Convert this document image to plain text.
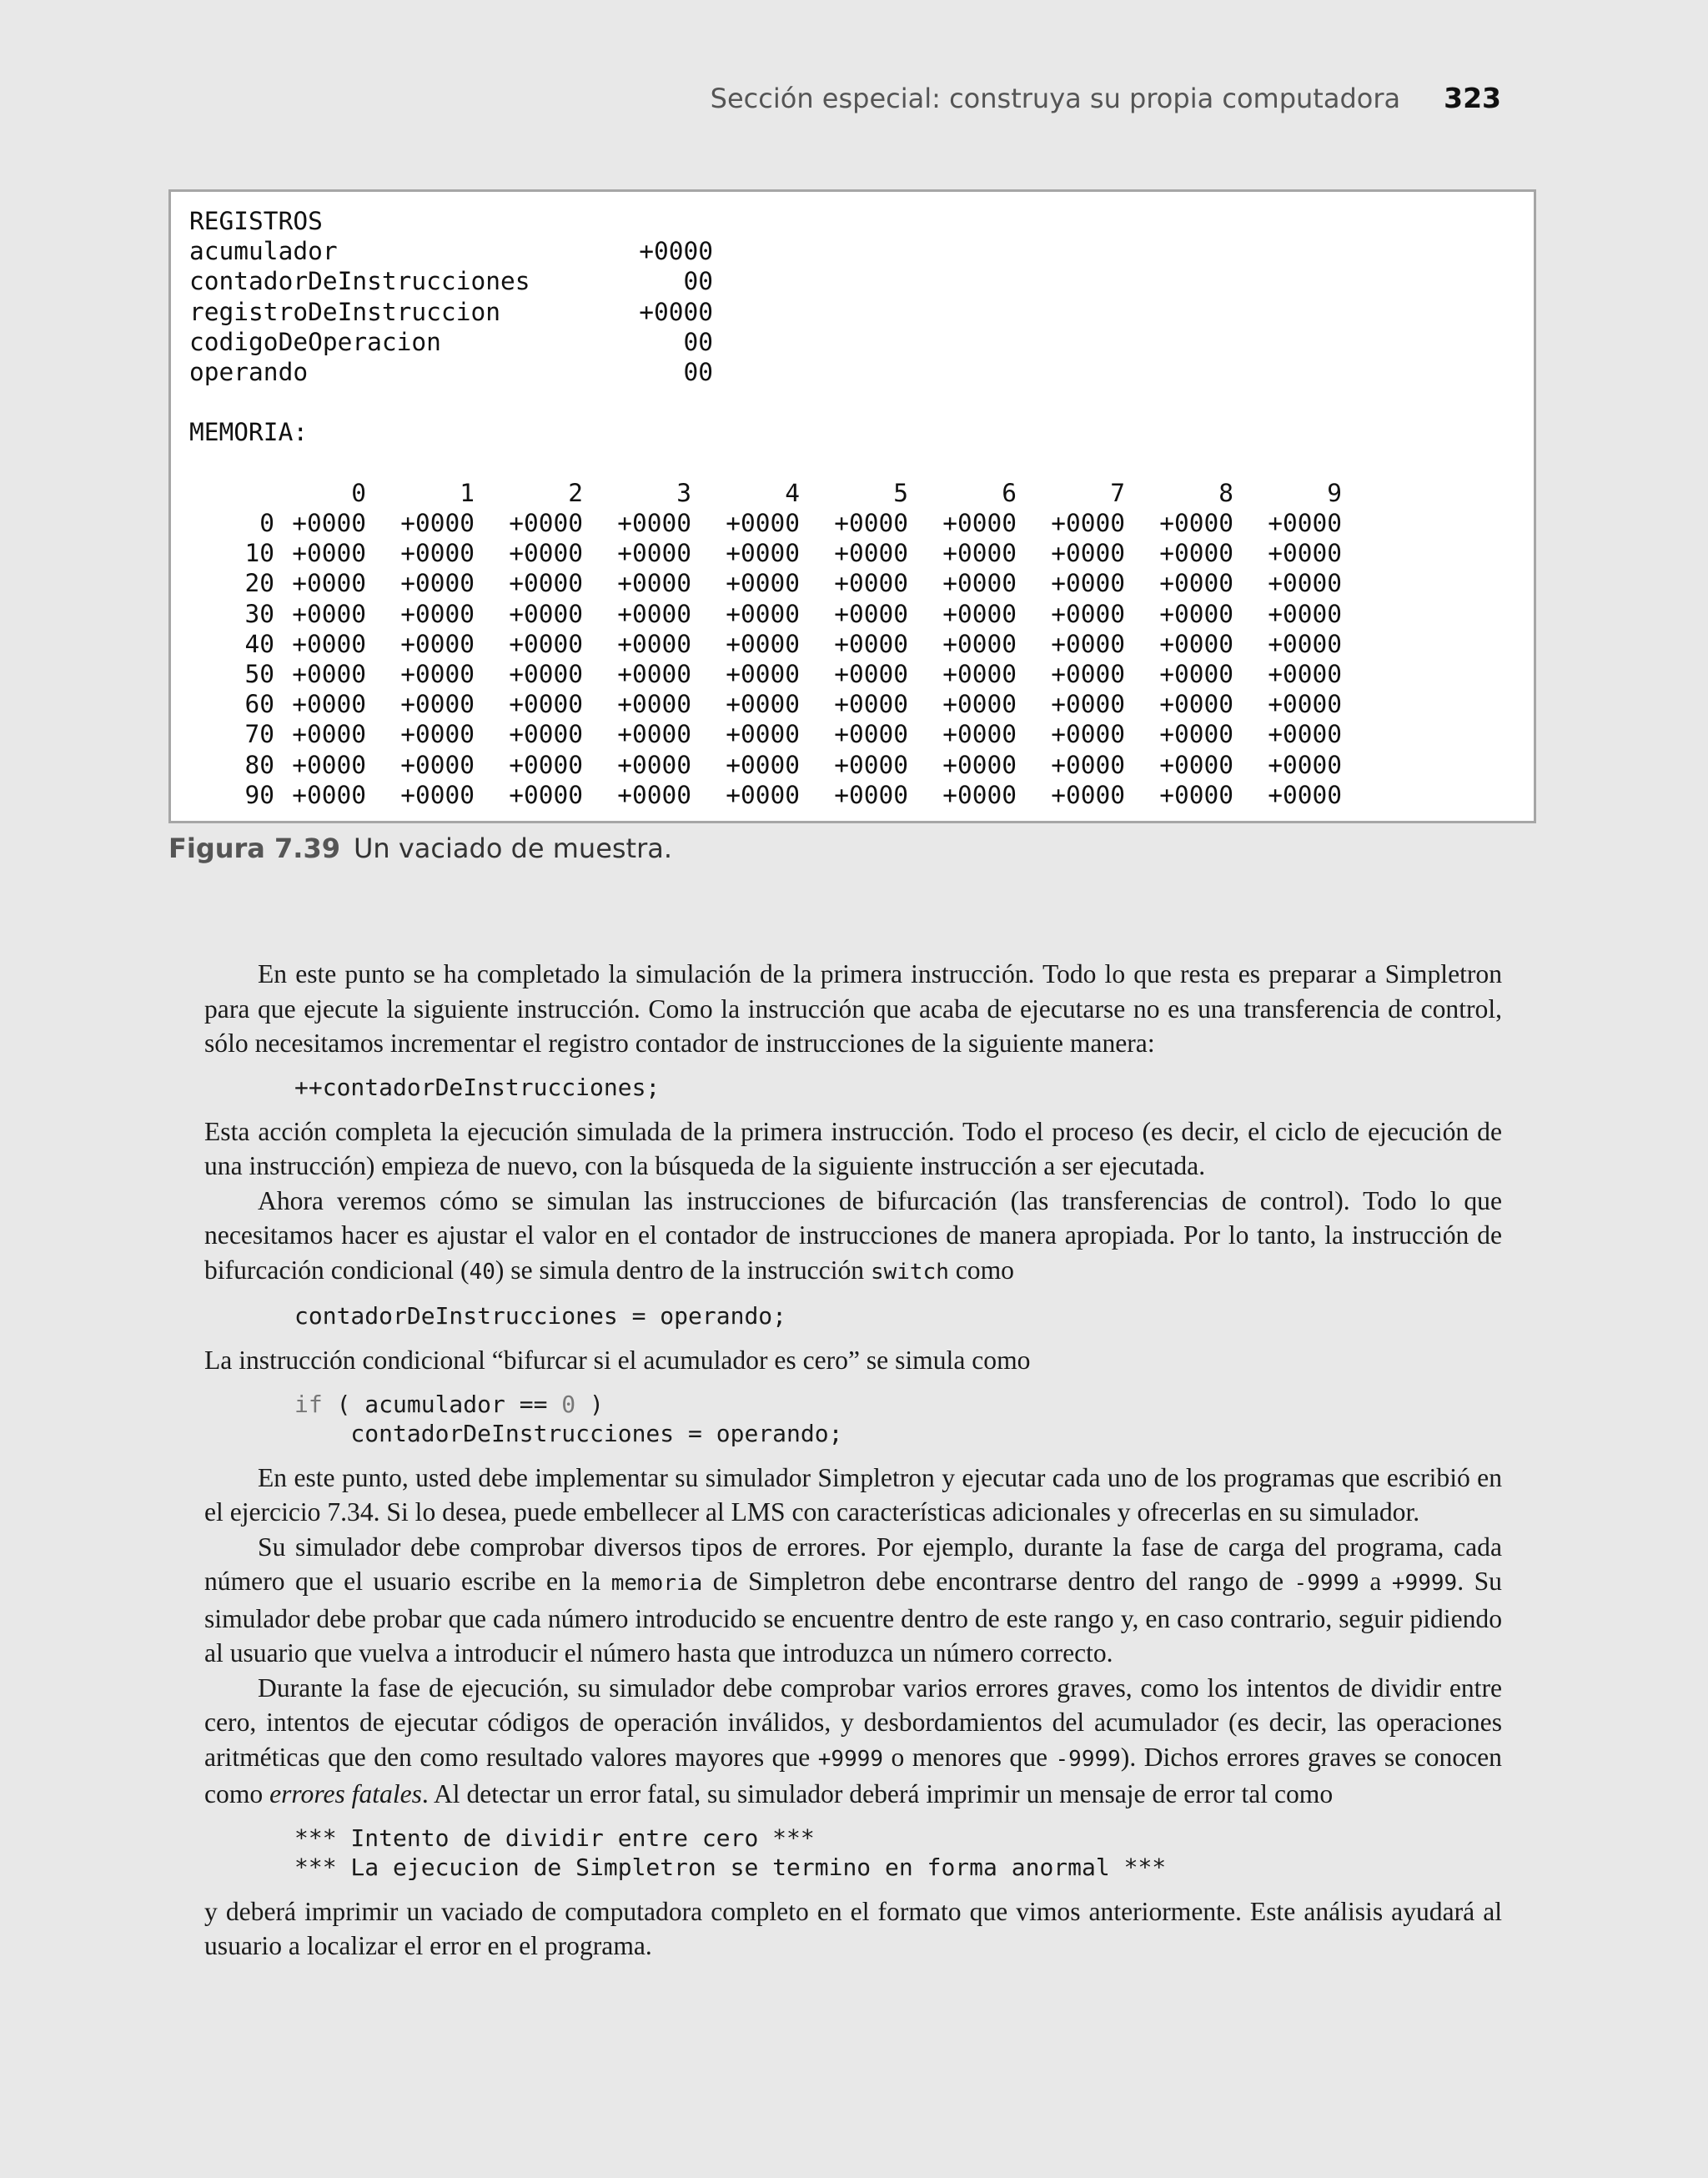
Sección especial: construya su propia computadora 323
REGISTROS
acumulador	+0000
contadorDeInstrucciones	00
registroDeInstruccion	+0000
codigoDeOperacion	00
operando	00
MEMORIA:
0	1	2	3	4	5	6	7	8	9
0 +0000	+0000	+0000	+0000	+0000	+0000	+0000	+0000	+0000	+0000
10 +0000	+0000	+0000	+0000	+0000	+0000	+0000	+0000	+0000	+0000
20 +0000	+0000	+0000	+0000	+0000	+0000	+0000	+0000	+0000	+0000
30 +0000	+0000	+0000	+0000	+0000	+0000	+0000	+0000	+0000	+0000
40 +0000	+0000	+0000	+0000	+0000	+0000	+0000	+0000	+0000	+0000
50 +0000	+0000	+0000	+0000	+0000	+0000	+0000	+0000	+0000	+0000
60 +0000	+0000	+0000	+0000	+0000	+0000	+0000	+0000	+0000	+0000
70 +0000	+0000	+0000	+0000	+0000	+0000	+0000	+0000	+0000	+0000
80 +0000	+0000	+0000	+0000	+0000	+0000	+0000	+0000	+0000	+0000
90 +0000	+0000	+0000	+0000	+0000	+0000	+0000	+0000	+0000	+0000
Figura 7.39 Un vaciado de muestra.

En este punto se ha completado la simulación de la primera instrucción. Todo lo que resta es preparar a Simpletron para que ejecute la siguiente instrucción. Como la instrucción que acaba de ejecutarse no es una transferencia de control, sólo necesitamos incrementar el registro contador de instrucciones de la siguiente manera:

++contadorDeInstrucciones;

Esta acción completa la ejecución simulada de la primera instrucción. Todo el proceso (es decir, el ciclo de ejecución de una instrucción) empieza de nuevo, con la búsqueda de la siguiente instrucción a ser ejecutada.

Ahora veremos cómo se simulan las instrucciones de bifurcación (las transferencias de control). Todo lo que necesitamos hacer es ajustar el valor en el contador de instrucciones de manera apropiada. Por lo tanto, la instrucción de bifurcación condicional (40) se simula dentro de la instrucción switch como

contadorDeInstrucciones = operando;

La instrucción condicional “bifurcar si el acumulador es cero” se simula como

if ( acumulador == 0 )
contadorDeInstrucciones = operando;

En este punto, usted debe implementar su simulador Simpletron y ejecutar cada uno de los programas que escribió en el ejercicio 7.34. Si lo desea, puede embellecer al LMS con características adicionales y ofrecerlas en su simulador.

Su simulador debe comprobar diversos tipos de errores. Por ejemplo, durante la fase de carga del programa, cada número que el usuario escribe en la memoria de Simpletron debe encontrarse dentro del rango de -9999 a +9999. Su simulador debe probar que cada número introducido se encuentre dentro de este rango y, en caso contrario, seguir pidiendo al usuario que vuelva a introducir el número hasta que introduzca un número correcto.

Durante la fase de ejecución, su simulador debe comprobar varios errores graves, como los intentos de dividir entre cero, intentos de ejecutar códigos de operación inválidos, y desbordamientos del acumulador (es decir, las operaciones aritméticas que den como resultado valores mayores que +9999 o menores que -9999). Dichos errores graves se conocen como errores fatales. Al detectar un error fatal, su simulador deberá imprimir un mensaje de error tal como

*** Intento de dividir entre cero ***
*** La ejecucion de Simpletron se termino en forma anormal ***

y deberá imprimir un vaciado de computadora completo en el formato que vimos anteriormente. Este análisis ayudará al usuario a localizar el error en el programa.
